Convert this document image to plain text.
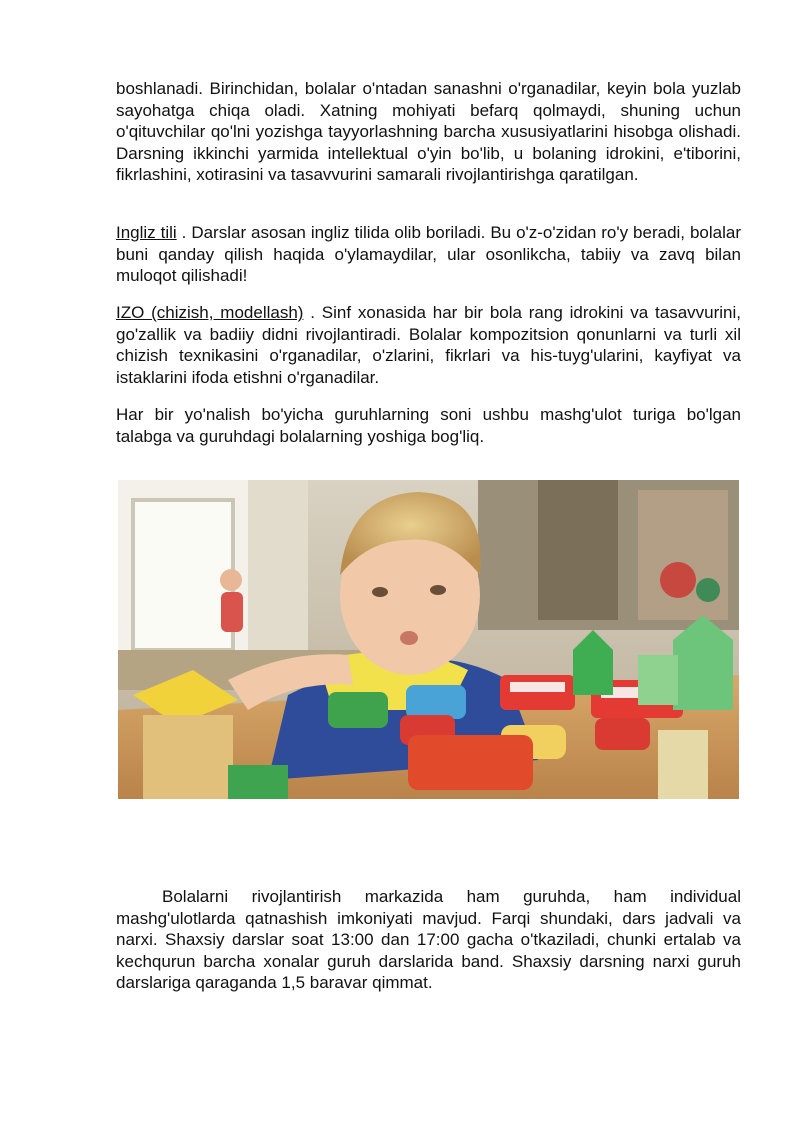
boshlanadi. Birinchidan, bolalar o'ntadan sanashni o'rganadilar, keyin bola yuzlab sayohatga chiqa oladi. Xatning mohiyati befarq qolmaydi, shuning uchun o'qituvchilar qo'lni yozishga tayyorlashning barcha xususiyatlarini hisobga olishadi. Darsning ikkinchi yarmida intellektual o'yin bo'lib, u bolaning idrokini, e'tiborini, fikrlashini, xotirasini va tasavvurini samarali rivojlantirishga qaratilgan.

Ingliz tili . Darslar asosan ingliz tilida olib boriladi. Bu o'z-o'zidan ro'y beradi, bolalar buni qanday qilish haqida o'ylamaydilar, ular osonlikcha, tabiiy va zavq bilan muloqot qilishadi!

IZO (chizish, modellash) . Sinf xonasida har bir bola rang idrokini va tasavvurini, go'zallik va badiiy didni rivojlantiradi. Bolalar kompozitsion qonunlarni va turli xil chizish texnikasini o'rganadilar, o'zlarini, fikrlari va his-tuyg'ularini, kayfiyat va istaklarini ifoda etishni o'rganadilar.

Har bir yo'nalish bo'yicha guruhlarning soni ushbu mashg'ulot turiga bo'lgan talabga va guruhdagi bolalarning yoshiga bog'liq.

Bolalarni rivojlantirish markazida ham guruhda, ham individual mashg'ulotlarda qatnashish imkoniyati mavjud. Farqi shundaki, dars jadvali va narxi. Shaxsiy darslar soat 13:00 dan 17:00 gacha o'tkaziladi, chunki ertalab va kechqurun barcha xonalar guruh darslarida band. Shaxsiy darsning narxi guruh darslariga qaraganda 1,5 baravar qimmat.
